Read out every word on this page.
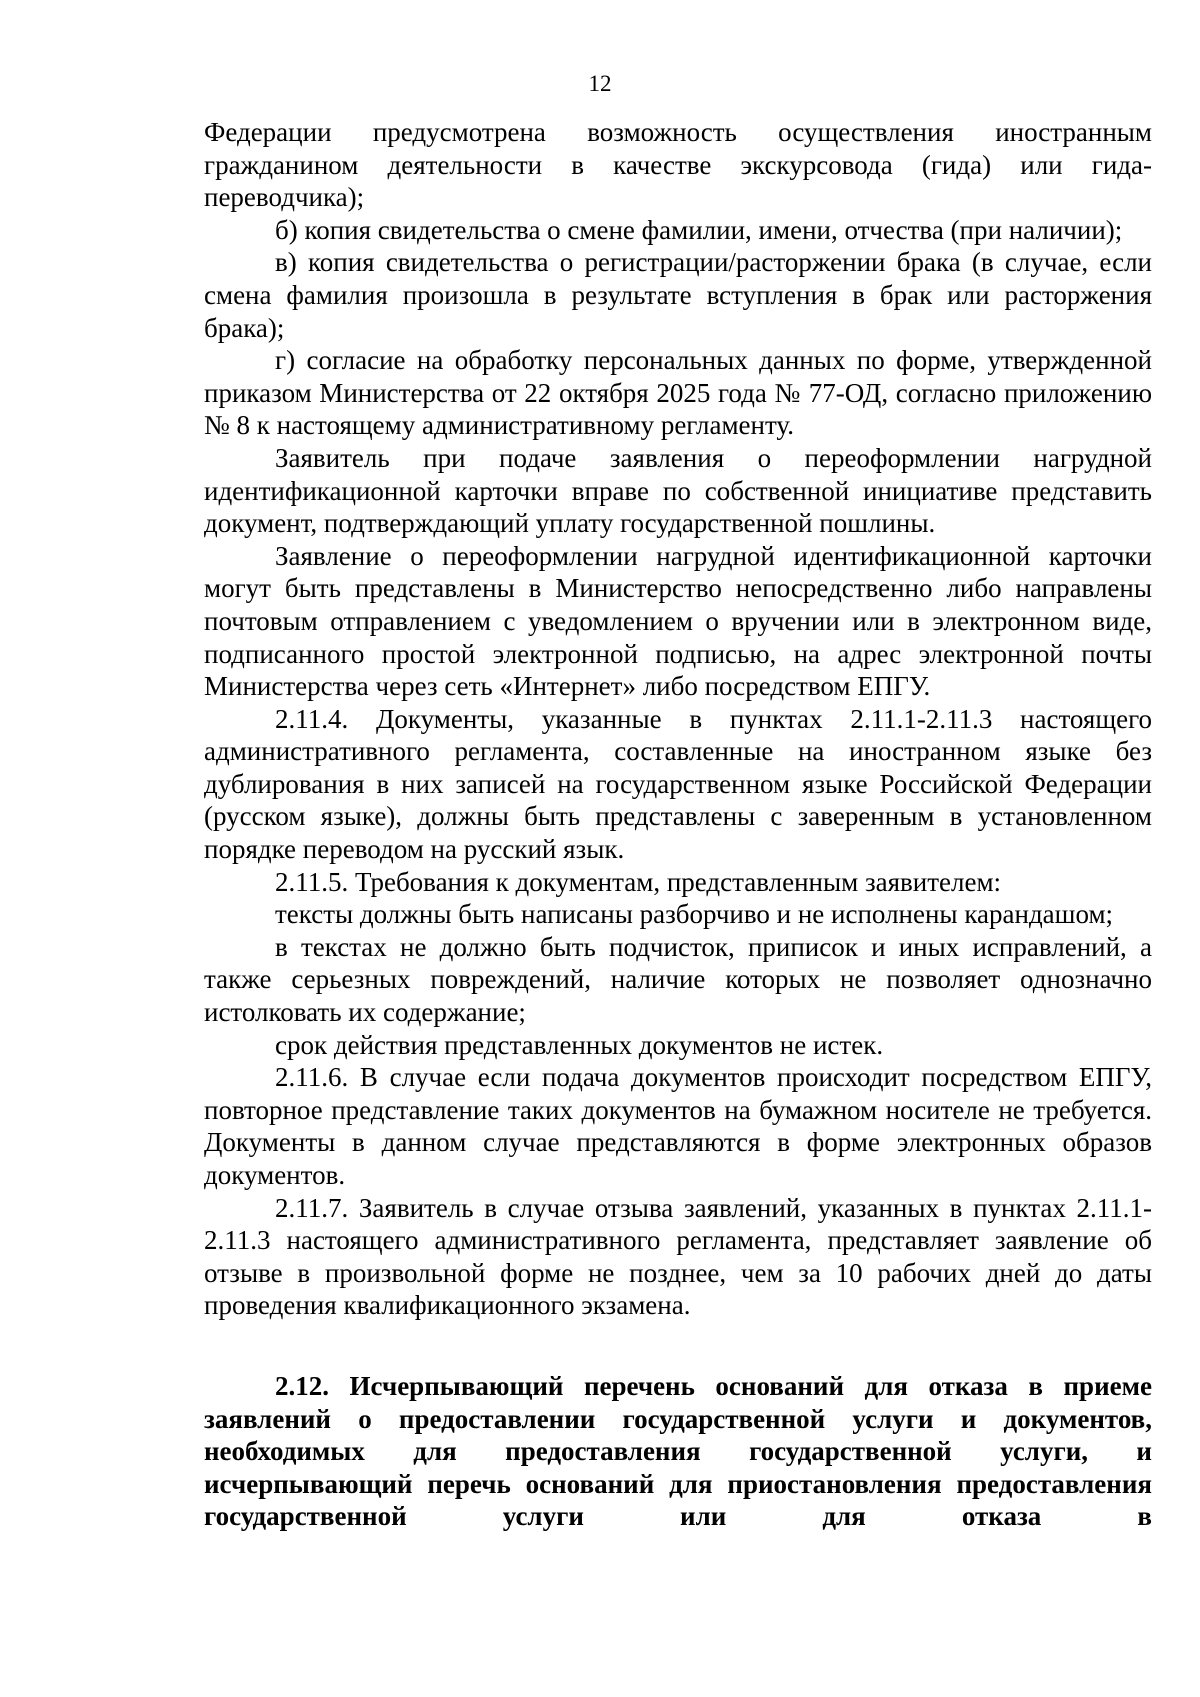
12

Федерации предусмотрена возможность осуществления иностранным гражданином деятельности в качестве экскурсовода (гида) или гида-переводчика);

б) копия свидетельства о смене фамилии, имени, отчества (при наличии);

в) копия свидетельства о регистрации/расторжении брака (в случае, если смена фамилия произошла в результате вступления в брак или расторжения брака);

г) согласие на обработку персональных данных по форме, утвержденной приказом Министерства от 22 октября 2025 года № 77-ОД, согласно приложению № 8 к настоящему административному регламенту.

Заявитель при подаче заявления о переоформлении нагрудной идентификационной карточки вправе по собственной инициативе представить документ, подтверждающий уплату государственной пошлины.

Заявление о переоформлении нагрудной идентификационной карточки могут быть представлены в Министерство непосредственно либо направлены почтовым отправлением с уведомлением о вручении или в электронном виде, подписанного простой электронной подписью, на адрес электронной почты Министерства через сеть «Интернет» либо посредством ЕПГУ.

2.11.4. Документы, указанные в пунктах 2.11.1-2.11.3 настоящего административного регламента, составленные на иностранном языке без дублирования в них записей на государственном языке Российской Федерации (русском языке), должны быть представлены с заверенным в установленном порядке переводом на русский язык.

2.11.5. Требования к документам, представленным заявителем:

тексты должны быть написаны разборчиво и не исполнены карандашом;

в текстах не должно быть подчисток, приписок и иных исправлений, а также серьезных повреждений, наличие которых не позволяет однозначно истолковать их содержание;

срок действия представленных документов не истек.

2.11.6. В случае если подача документов происходит посредством ЕПГУ, повторное представление таких документов на бумажном носителе не требуется. Документы в данном случае представляются в форме электронных образов документов.

2.11.7. Заявитель в случае отзыва заявлений, указанных в пунктах 2.11.1-2.11.3 настоящего административного регламента, представляет заявление об отзыве в произвольной форме не позднее, чем за 10 рабочих дней до даты проведения квалификационного экзамена.

2.12. Исчерпывающий перечень оснований для отказа в приеме заявлений о предоставлении государственной услуги и документов, необходимых для предоставления государственной услуги, и исчерпывающий перечь оснований для приостановления предоставления государственной услуги или для отказа в
